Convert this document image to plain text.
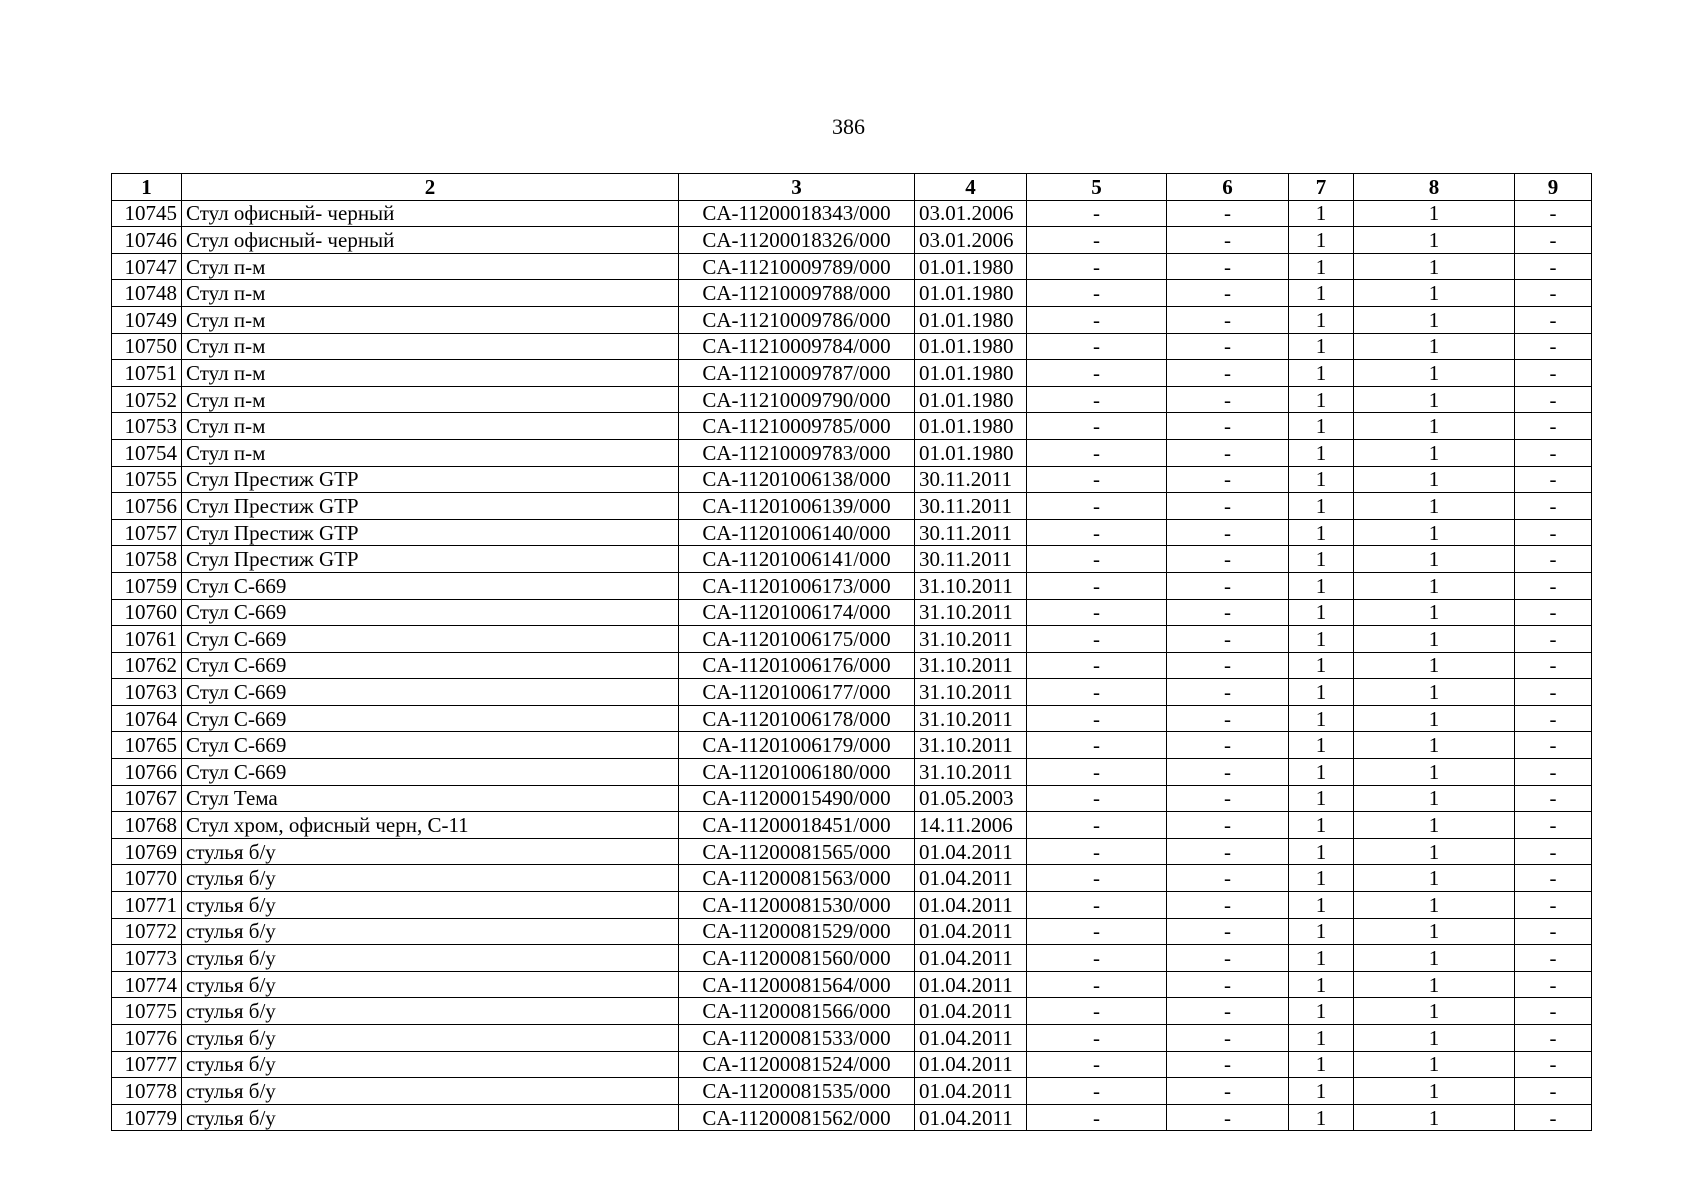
386
1	2	3	4	5	6	7	8	9
10745	Стул офисный- черный	CA-11200018343/000	03.01.2006	-	-	1	1	-
10746	Стул офисный- черный	CA-11200018326/000	03.01.2006	-	-	1	1	-
10747	Стул п-м	CA-11210009789/000	01.01.1980	-	-	1	1	-
10748	Стул п-м	CA-11210009788/000	01.01.1980	-	-	1	1	-
10749	Стул п-м	CA-11210009786/000	01.01.1980	-	-	1	1	-
10750	Стул п-м	CA-11210009784/000	01.01.1980	-	-	1	1	-
10751	Стул п-м	CA-11210009787/000	01.01.1980	-	-	1	1	-
10752	Стул п-м	CA-11210009790/000	01.01.1980	-	-	1	1	-
10753	Стул п-м	CA-11210009785/000	01.01.1980	-	-	1	1	-
10754	Стул п-м	CA-11210009783/000	01.01.1980	-	-	1	1	-
10755	Стул Престиж GTP	CA-11201006138/000	30.11.2011	-	-	1	1	-
10756	Стул Престиж GTP	CA-11201006139/000	30.11.2011	-	-	1	1	-
10757	Стул Престиж GTP	CA-11201006140/000	30.11.2011	-	-	1	1	-
10758	Стул Престиж GTP	CA-11201006141/000	30.11.2011	-	-	1	1	-
10759	Стул С-669	CA-11201006173/000	31.10.2011	-	-	1	1	-
10760	Стул С-669	CA-11201006174/000	31.10.2011	-	-	1	1	-
10761	Стул С-669	CA-11201006175/000	31.10.2011	-	-	1	1	-
10762	Стул С-669	CA-11201006176/000	31.10.2011	-	-	1	1	-
10763	Стул С-669	CA-11201006177/000	31.10.2011	-	-	1	1	-
10764	Стул С-669	CA-11201006178/000	31.10.2011	-	-	1	1	-
10765	Стул С-669	CA-11201006179/000	31.10.2011	-	-	1	1	-
10766	Стул С-669	CA-11201006180/000	31.10.2011	-	-	1	1	-
10767	Стул Тема	CA-11200015490/000	01.05.2003	-	-	1	1	-
10768	Стул хром, офисный черн, С-11	CA-11200018451/000	14.11.2006	-	-	1	1	-
10769	стулья б/у	CA-11200081565/000	01.04.2011	-	-	1	1	-
10770	стулья б/у	CA-11200081563/000	01.04.2011	-	-	1	1	-
10771	стулья б/у	CA-11200081530/000	01.04.2011	-	-	1	1	-
10772	стулья б/у	CA-11200081529/000	01.04.2011	-	-	1	1	-
10773	стулья б/у	CA-11200081560/000	01.04.2011	-	-	1	1	-
10774	стулья б/у	CA-11200081564/000	01.04.2011	-	-	1	1	-
10775	стулья б/у	CA-11200081566/000	01.04.2011	-	-	1	1	-
10776	стулья б/у	CA-11200081533/000	01.04.2011	-	-	1	1	-
10777	стулья б/у	CA-11200081524/000	01.04.2011	-	-	1	1	-
10778	стулья б/у	CA-11200081535/000	01.04.2011	-	-	1	1	-
10779	стулья б/у	CA-11200081562/000	01.04.2011	-	-	1	1	-
